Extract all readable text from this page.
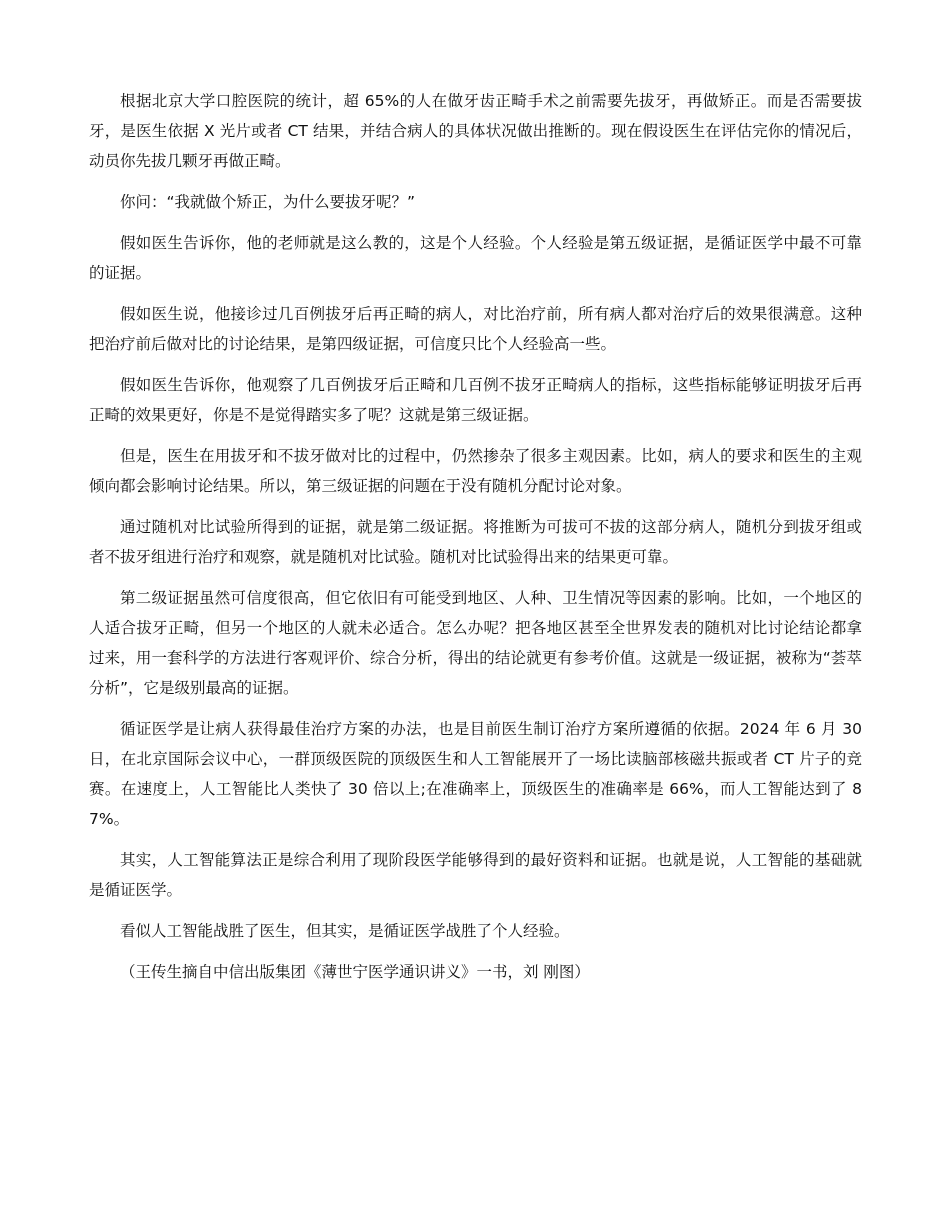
根据北京大学口腔医院的统计，超 65%的人在做牙齿正畸手术之前需要先拔牙，再做矫正。而是否需要拔牙，是医生依据 X 光片或者 CT 结果，并结合病人的具体状况做出推断的。现在假设医生在评估完你的情况后，动员你先拔几颗牙再做正畸。

你问：“我就做个矫正，为什么要拔牙呢？”

假如医生告诉你，他的老师就是这么教的，这是个人经验。个人经验是第五级证据，是循证医学中最不可靠的证据。

假如医生说，他接诊过几百例拔牙后再正畸的病人，对比治疗前，所有病人都对治疗后的效果很满意。这种把治疗前后做对比的讨论结果，是第四级证据，可信度只比个人经验高一些。

假如医生告诉你，他观察了几百例拔牙后正畸和几百例不拔牙正畸病人的指标，这些指标能够证明拔牙后再正畸的效果更好，你是不是觉得踏实多了呢？这就是第三级证据。

但是，医生在用拔牙和不拔牙做对比的过程中，仍然掺杂了很多主观因素。比如，病人的要求和医生的主观倾向都会影响讨论结果。所以，第三级证据的问题在于没有随机分配讨论对象。

通过随机对比试验所得到的证据，就是第二级证据。将推断为可拔可不拔的这部分病人，随机分到拔牙组或者不拔牙组进行治疗和观察，就是随机对比试验。随机对比试验得出来的结果更可靠。

第二级证据虽然可信度很高，但它依旧有可能受到地区、人种、卫生情况等因素的影响。比如，一个地区的人适合拔牙正畸，但另一个地区的人就未必适合。怎么办呢？把各地区甚至全世界发表的随机对比讨论结论都拿过来，用一套科学的方法进行客观评价、综合分析，得出的结论就更有参考价值。这就是一级证据，被称为“荟萃分析”，它是级别最高的证据。

循证医学是让病人获得最佳治疗方案的办法，也是目前医生制订治疗方案所遵循的依据。2024 年 6 月 30 日，在北京国际会议中心，一群顶级医院的顶级医生和人工智能展开了一场比读脑部核磁共振或者 CT 片子的竞赛。在速度上，人工智能比人类快了 30 倍以上;在准确率上，顶级医生的准确率是 66%，而人工智能达到了 87%。

其实，人工智能算法正是综合利用了现阶段医学能够得到的最好资料和证据。也就是说，人工智能的基础就是循证医学。

看似人工智能战胜了医生，但其实，是循证医学战胜了个人经验。

（王传生摘自中信出版集团《薄世宁医学通识讲义》一书，刘 刚图）
